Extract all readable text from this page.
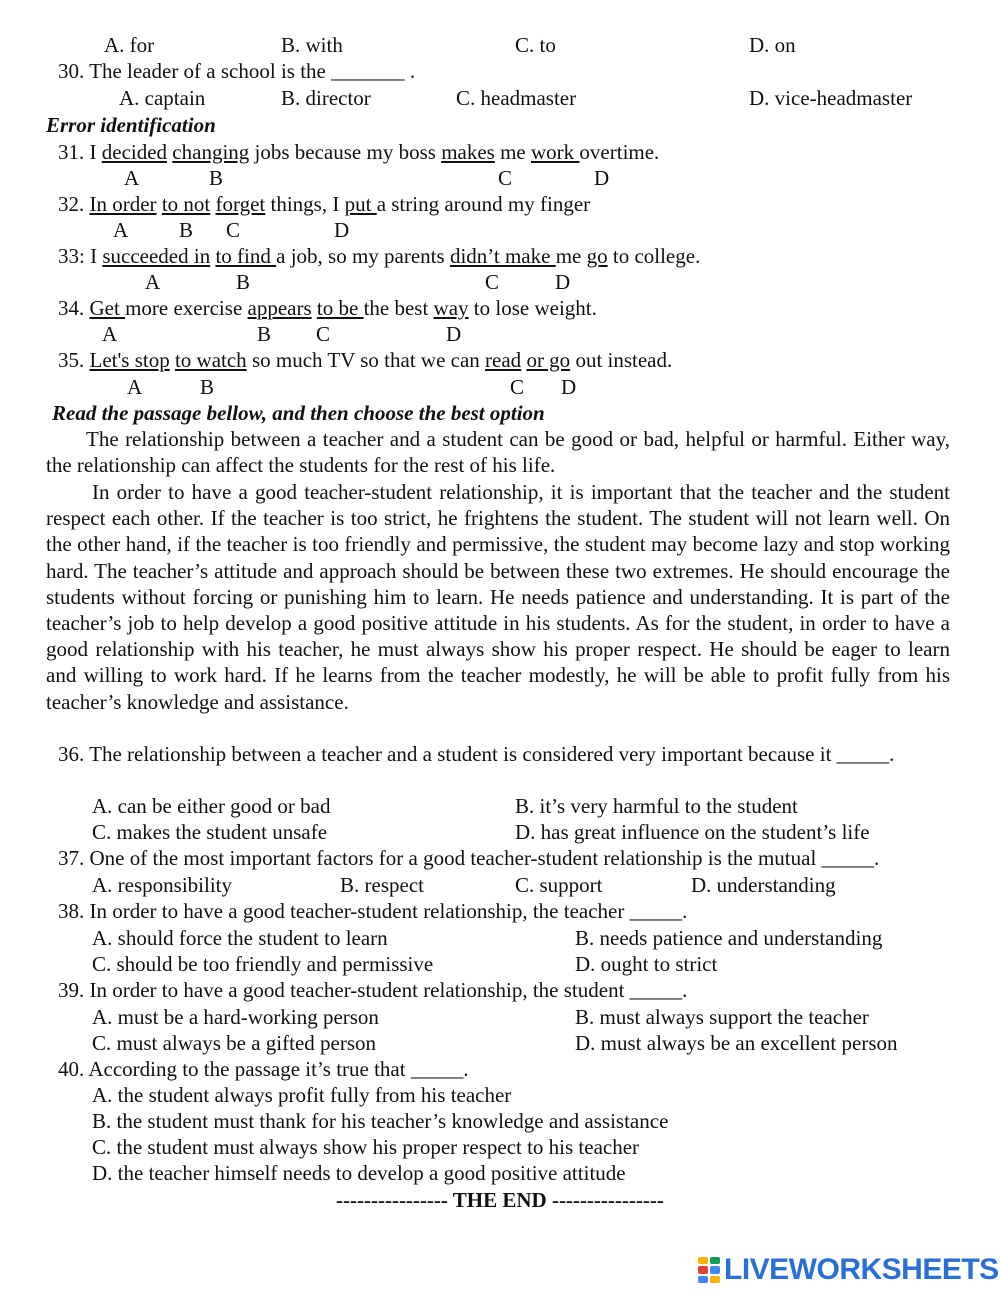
A. for	B. with	C. to	D. on
30. The leader of a school is the _______ .
A. captain	B. director	C. headmaster	D. vice-headmaster
Error identification
31. I decided changing jobs because my boss makes me work overtime.
A	B	C	D
32. In order to not forget things, I put a string around my finger
A B C	D
33: I succeeded in to find a job, so my parents didn’t make me go to college.
A	B	C	D
34. Get more exercise appears to be the best way to lose weight.
A	B C	D
35. Let's stop to watch so much TV so that we can read or go out instead.
A	B	C D
Read the passage bellow, and then choose the best option
The relationship between a teacher and a student can be good or bad, helpful or harmful. Either way, the relationship can affect the students for the rest of his life.
In order to have a good teacher-student relationship, it is important that the teacher and the student respect each other. If the teacher is too strict, he frightens the student. The student will not learn well. On the other hand, if the teacher is too friendly and permissive, the student may become lazy and stop working hard. The teacher’s attitude and approach should be between these two extremes. He should encourage the students without forcing or punishing him to learn. He needs patience and understanding. It is part of the teacher’s job to help develop a good positive attitude in his students. As for the student, in order to have a good relationship with his teacher, he must always show his proper respect. He should be eager to learn and willing to work hard. If he learns from the teacher modestly, he will be able to profit fully from his teacher’s knowledge and assistance.
36. The relationship between a teacher and a student is considered very important because it _____.
A. can be either good or bad	B. it’s very harmful to the student
C. makes the student unsafe	D. has great influence on the student’s life
37. One of the most important factors for a good teacher-student relationship is the mutual _____.
A. responsibility	B. respect	C. support	D. understanding
38. In order to have a good teacher-student relationship, the teacher _____.
A. should force the student to learn	B. needs patience and understanding
C. should be too friendly and permissive	D. ought to strict
39. In order to have a good teacher-student relationship, the student _____.
A. must be a hard-working person	B. must always support the teacher
C. must always be a gifted person	D. must always be an excellent person
40. According to the passage it’s true that _____.
A. the student always profit fully from his teacher
B. the student must thank for his teacher’s knowledge and assistance
C. the student must always show his proper respect to his teacher
D. the teacher himself needs to develop a good positive attitude
---------------- THE END ----------------
LIVEWORKSHEETS
